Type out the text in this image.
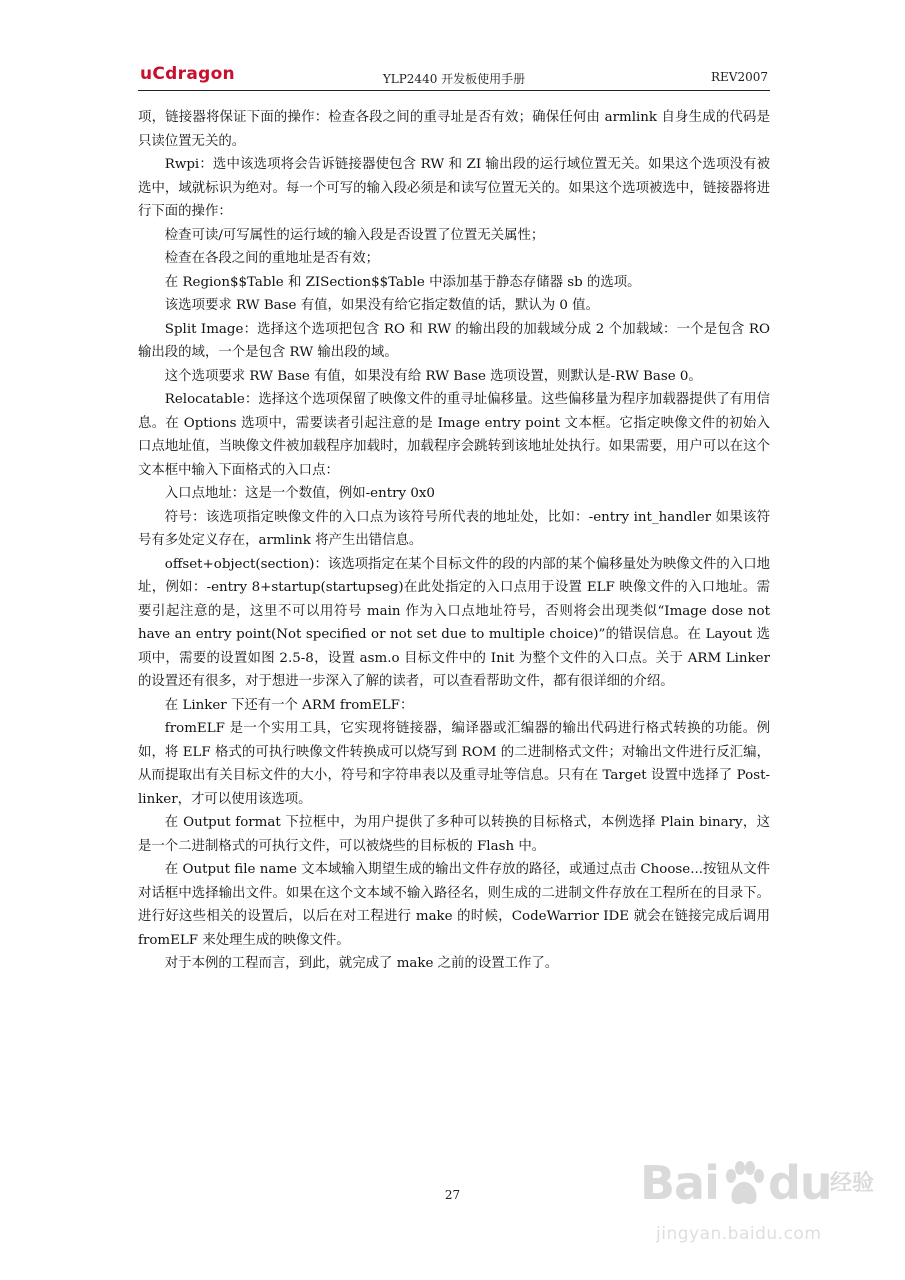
uCdragon	YLP2440 开发板使用手册	REV2007

项，链接器将保证下面的操作：检查各段之间的重寻址是否有效；确保任何由 armlink 自身生成的代码是只读位置无关的。

Rwpi：选中该选项将会告诉链接器使包含 RW 和 ZI 输出段的运行域位置无关。如果这个选项没有被选中，域就标识为绝对。每一个可写的输入段必须是和读写位置无关的。如果这个选项被选中，链接器将进行下面的操作：

检查可读/可写属性的运行域的输入段是否设置了位置无关属性；

检查在各段之间的重地址是否有效；

在 Region$$Table 和 ZISection$$Table 中添加基于静态存储器 sb 的选项。

该选项要求 RW Base 有值，如果没有给它指定数值的话，默认为 0 值。

Split Image：选择这个选项把包含 RO 和 RW 的输出段的加载域分成 2 个加载域：一个是包含 RO 输出段的域，一个是包含 RW 输出段的域。

这个选项要求 RW Base 有值，如果没有给 RW Base 选项设置，则默认是-RW Base 0。

Relocatable：选择这个选项保留了映像文件的重寻址偏移量。这些偏移量为程序加载器提供了有用信息。在 Options 选项中，需要读者引起注意的是 Image entry point 文本框。它指定映像文件的初始入口点地址值，当映像文件被加载程序加载时，加载程序会跳转到该地址处执行。如果需要，用户可以在这个文本框中输入下面格式的入口点：

入口点地址：这是一个数值，例如-entry 0x0

符号：该选项指定映像文件的入口点为该符号所代表的地址处，比如：-entry int_handler 如果该符号有多处定义存在，armlink 将产生出错信息。

offset+object(section)：该选项指定在某个目标文件的段的内部的某个偏移量处为映像文件的入口地址，例如：-entry 8+startup(startupseg)在此处指定的入口点用于设置 ELF 映像文件的入口地址。需要引起注意的是，这里不可以用符号 main 作为入口点地址符号，否则将会出现类似“Image dose not have an entry point(Not specified or not set due to multiple choice)”的错误信息。在 Layout 选项中，需要的设置如图 2.5-8，设置 asm.o 目标文件中的 Init 为整个文件的入口点。关于 ARM Linker 的设置还有很多，对于想进一步深入了解的读者，可以查看帮助文件，都有很详细的介绍。

在 Linker 下还有一个 ARM fromELF：

fromELF 是一个实用工具，它实现将链接器，编译器或汇编器的输出代码进行格式转换的功能。例如，将 ELF 格式的可执行映像文件转换成可以烧写到 ROM 的二进制格式文件；对输出文件进行反汇编，从而提取出有关目标文件的大小，符号和字符串表以及重寻址等信息。只有在 Target 设置中选择了 Post-linker，才可以使用该选项。

在 Output format 下拉框中，为用户提供了多种可以转换的目标格式，本例选择 Plain binary，这是一个二进制格式的可执行文件，可以被烧些的目标板的 Flash 中。

在 Output file name 文本域输入期望生成的输出文件存放的路径，或通过点击 Choose...按钮从文件对话框中选择输出文件。如果在这个文本域不输入路径名，则生成的二进制文件存放在工程所在的目录下。进行好这些相关的设置后，以后在对工程进行 make 的时候，CodeWarrior IDE 就会在链接完成后调用 fromELF 来处理生成的映像文件。

对于本例的工程而言，到此，就完成了 make 之前的设置工作了。

27	Bai du
经验
jingyan.baidu.com
